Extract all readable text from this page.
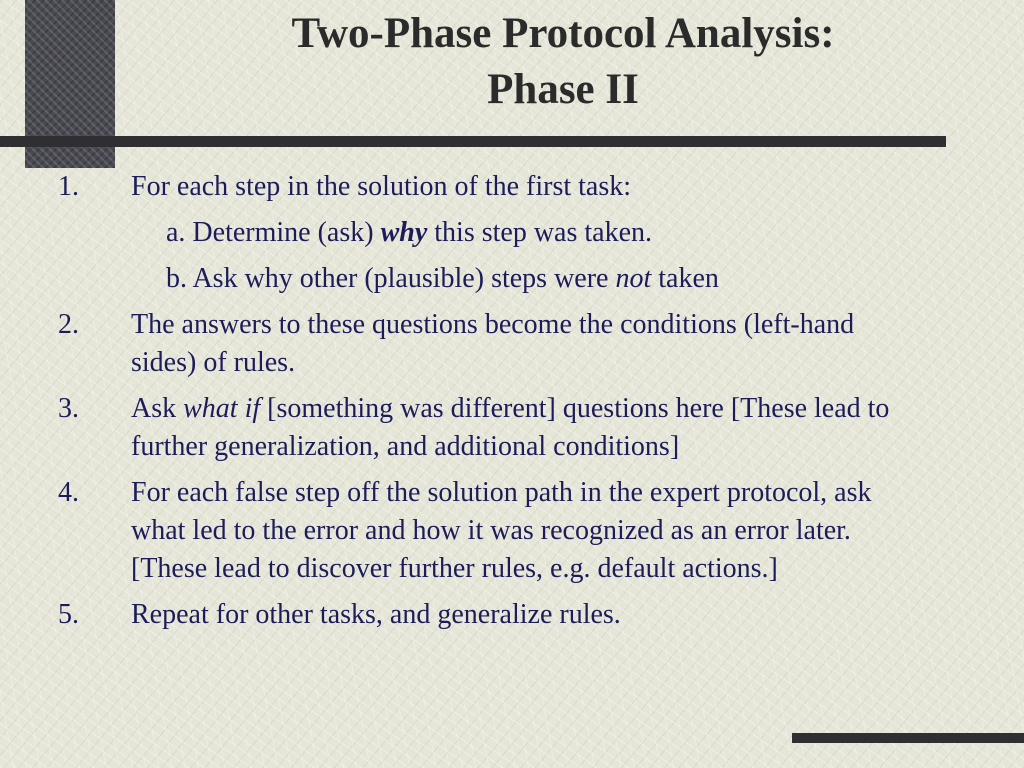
Two-Phase Protocol Analysis:
Phase II
1. For each step in the solution of the first task:
a. Determine (ask) why this step was taken.
b. Ask why other (plausible) steps were not taken
2. The answers to these questions become the conditions (left-hand sides) of rules.
3. Ask what if [something was different] questions here [These lead to further generalization, and additional conditions]
4. For each false step off the solution path in the expert protocol, ask what led to the error and how it was recognized as an error later. [These lead to discover further rules, e.g. default actions.]
5. Repeat for other tasks, and generalize rules.
